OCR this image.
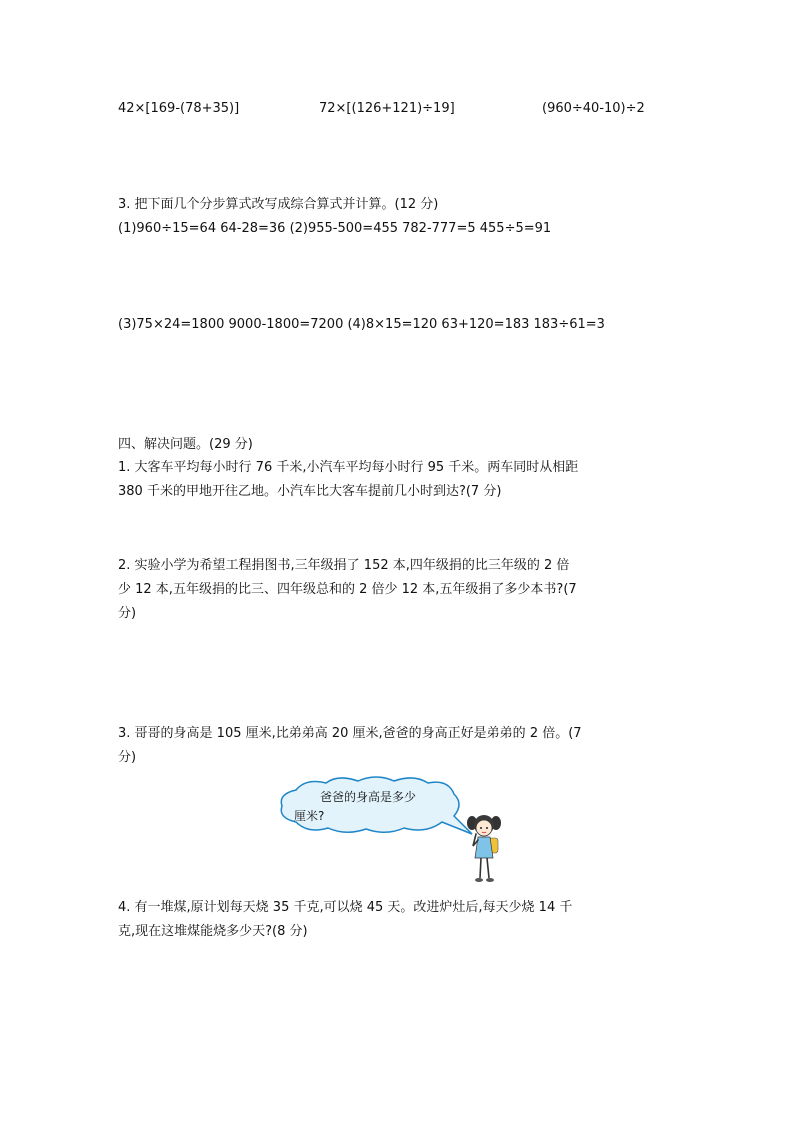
42×[169-(78+35)]	72×[(126+121)÷19]	(960÷40-10)÷2
3. 把下面几个分步算式改写成综合算式并计算。(12 分)
(1)960÷15=64 64-28=36 (2)955-500=455 782-777=5 455÷5=91
(3)75×24=1800 9000-1800=7200 (4)8×15=120 63+120=183 183÷61=3
四、解决问题。(29 分)
1. 大客车平均每小时行 76 千米,小汽车平均每小时行 95 千米。两车同时从相距
380 千米的甲地开往乙地。小汽车比大客车提前几小时到达?(7 分)
2. 实验小学为希望工程捐图书,三年级捐了 152 本,四年级捐的比三年级的 2 倍
少 12 本,五年级捐的比三、四年级总和的 2 倍少 12 本,五年级捐了多少本书?(7
分)
3. 哥哥的身高是 105 厘米,比弟弟高 20 厘米,爸爸的身高正好是弟弟的 2 倍。(7
分)
爸爸的身高是多少
厘米?
4. 有一堆煤,原计划每天烧 35 千克,可以烧 45 天。改进炉灶后,每天少烧 14 千
克,现在这堆煤能烧多少天?(8 分)
